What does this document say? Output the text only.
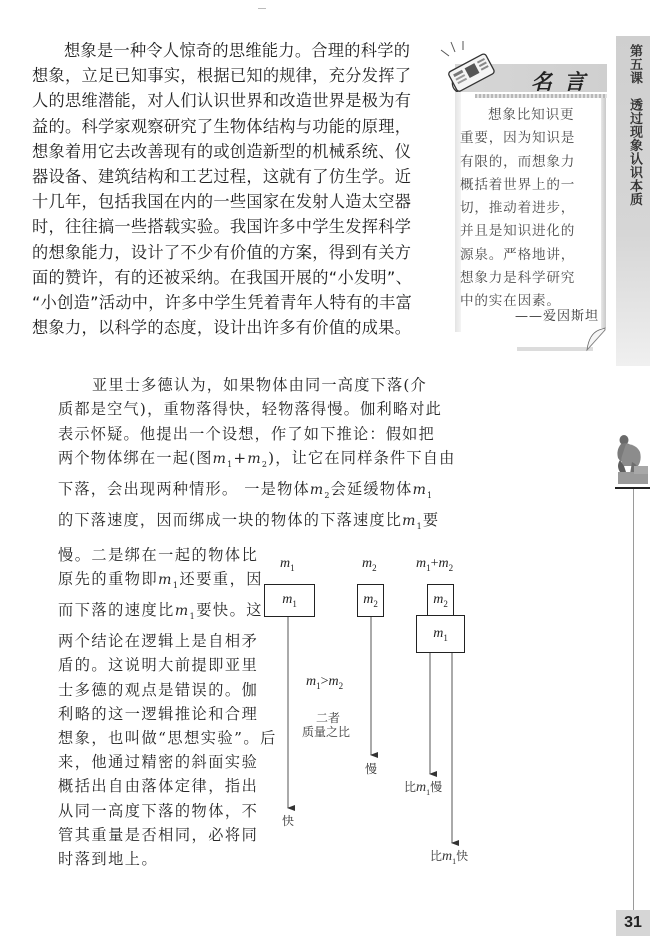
想象是一种令人惊奇的思维能力。合理的科学的
想象，立足已知事实，根据已知的规律，充分发挥了
人的思维潜能，对人们认识世界和改造世界是极为有
益的。科学家观察研究了生物体结构与功能的原理，
想象着用它去改善现有的或创造新型的机械系统、仪
器设备、建筑结构和工艺过程，这就有了仿生学。近
十几年，包括我国在内的一些国家在发射人造太空器
时，往往搞一些搭载实验。我国许多中学生发挥科学
的想象能力，设计了不少有价值的方案，得到有关方
面的赞许，有的还被采纳。在我国开展的“小发明”、
“小创造”活动中，许多中学生凭着青年人特有的丰富
想象力，以科学的态度，设计出许多有价值的成果。
名言
想象比知识更
重要，因为知识是
有限的，而想象力
概括着世界上的一
切，推动着进步，
并且是知识进化的
源泉。严格地讲，
想象力是科学研究
中的实在因素。
——爱因斯坦
第五课　透过现象认识本质
31
亚里士多德认为，如果物体由同一高度下落(介
质都是空气)，重物落得快，轻物落得慢。伽利略对此
表示怀疑。他提出一个设想，作了如下推论：假如把
两个物体绑在一起(图$m_1+m_2$)，让它在同样条件下自由
下落，会出现两种情形。 一是物体$m_2$会延缓物体$m_1$
的下落速度，因而绑成一块的物体的下落速度比$m_1$要
慢。二是绑在一起的物体比
原先的重物即$m_1$还要重，因
而下落的速度比$m_1$要快。这
两个结论在逻辑上是自相矛
盾的。这说明大前提即亚里
士多德的观点是错误的。伽
利略的这一逻辑推论和合理
想象，也叫做“思想实验”。后
来，他通过精密的斜面实验
概括出自由落体定律，指出
从同一高度下落的物体，不
管其重量是否相同，必将同
时落到地上。
$m_1$	$m_2$	$m_1+m_2$
$m_1$	$m_2$	$m_2$
$m_1$
$m_1>m_2$
二者
质量之比
快
慢
比$m_1$慢
比$m_1$快
